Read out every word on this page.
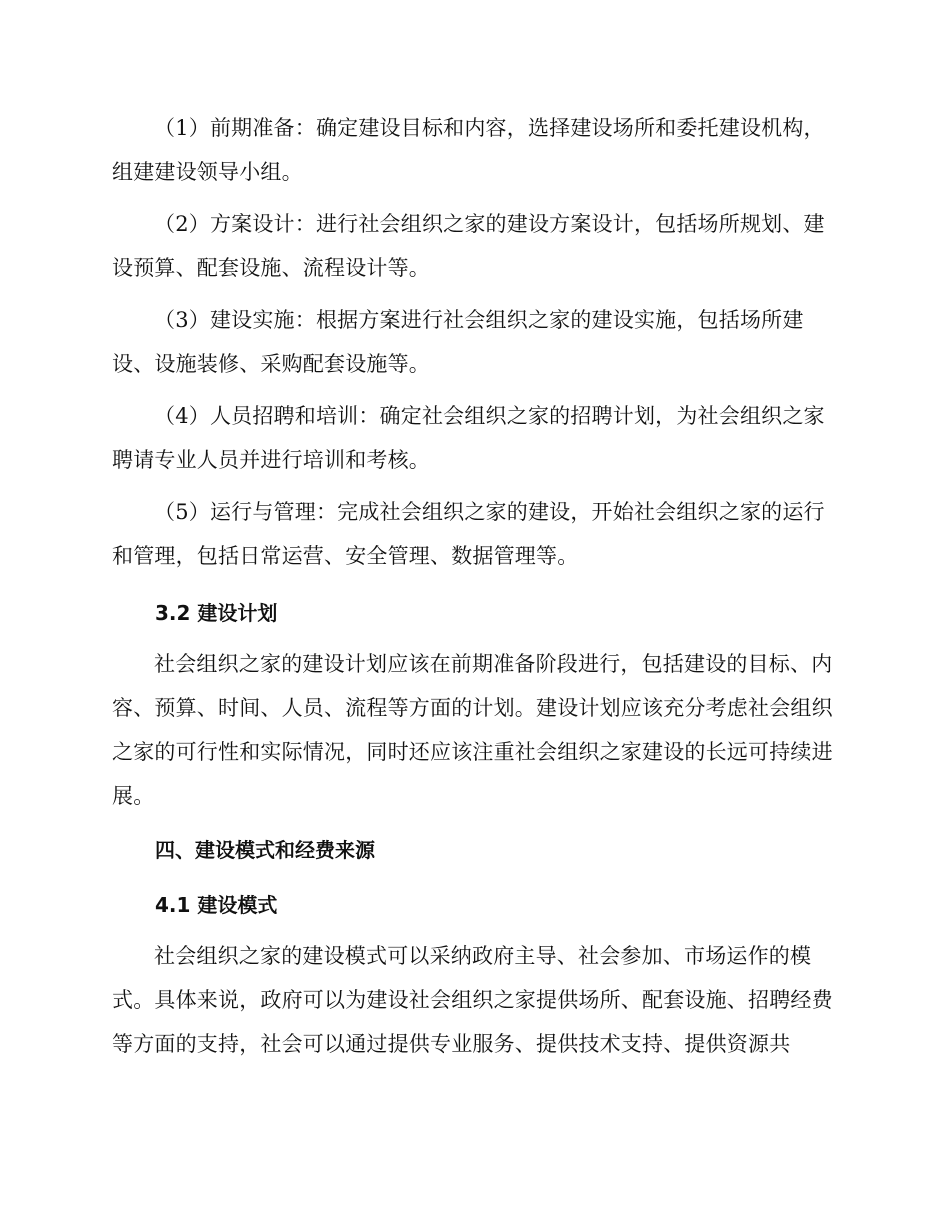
（1）前期准备：确定建设目标和内容，选择建设场所和委托建设机构，组建建设领导小组。

（2）方案设计：进行社会组织之家的建设方案设计，包括场所规划、建设预算、配套设施、流程设计等。

（3）建设实施：根据方案进行社会组织之家的建设实施，包括场所建设、设施装修、采购配套设施等。

（4）人员招聘和培训：确定社会组织之家的招聘计划，为社会组织之家聘请专业人员并进行培训和考核。

（5）运行与管理：完成社会组织之家的建设，开始社会组织之家的运行和管理，包括日常运营、安全管理、数据管理等。

3.2 建设计划

社会组织之家的建设计划应该在前期准备阶段进行，包括建设的目标、内容、预算、时间、人员、流程等方面的计划。建设计划应该充分考虑社会组织之家的可行性和实际情况，同时还应该注重社会组织之家建设的长远可持续进展。

四、建设模式和经费来源
4.1 建设模式

社会组织之家的建设模式可以采纳政府主导、社会参加、市场运作的模式。具体来说，政府可以为建设社会组织之家提供场所、配套设施、招聘经费等方面的支持，社会可以通过提供专业服务、提供技术支持、提供资源共
